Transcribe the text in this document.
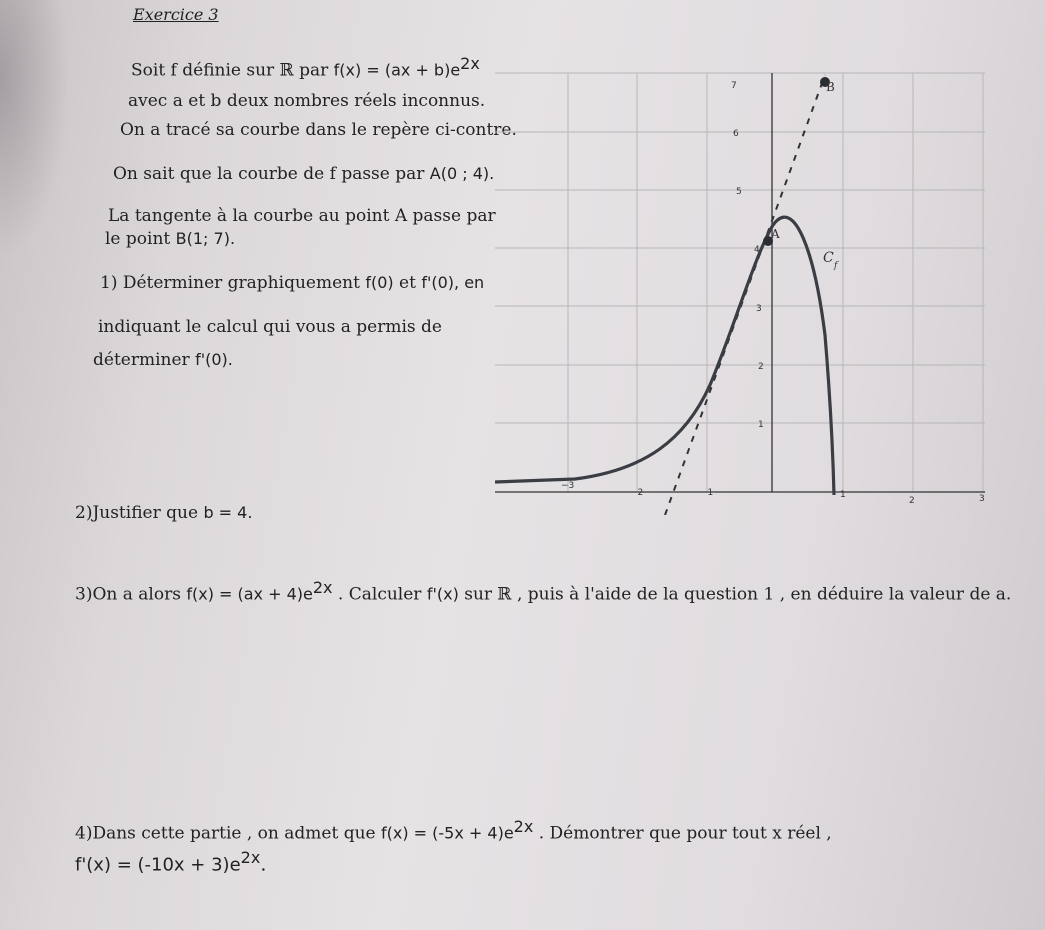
Exercice 3
Soit f définie sur ℝ par $f(x) = (ax + b)e^{2x}$
avec a et b deux nombres réels inconnus.
On a tracé sa courbe dans le repère ci-contre.
On sait que la courbe de f passe par A(0 ; 4).
La tangente à la courbe au point A passe par
le point B(1; 7).
1) Déterminer graphiquement f(0) et f'(0), en
indiquant le calcul qui vous a permis de
déterminer f'(0).
2)Justifier que b = 4.
3)On a alors $f(x) = (ax + 4)e^{2x}$ . Calculer f'(x) sur ℝ , puis à l'aide de la question 1 , en déduire la valeur de a.
4)Dans cette partie , on admet que $f(x) = (-5x + 4)e^{2x}$ . Démontrer que pour tout x réel ,
$f'(x) = (-10x + 3)e^{2x}$.
−3
−2	−1	1
2	3
1
2
3
4
5
6
7
A
B
C f
